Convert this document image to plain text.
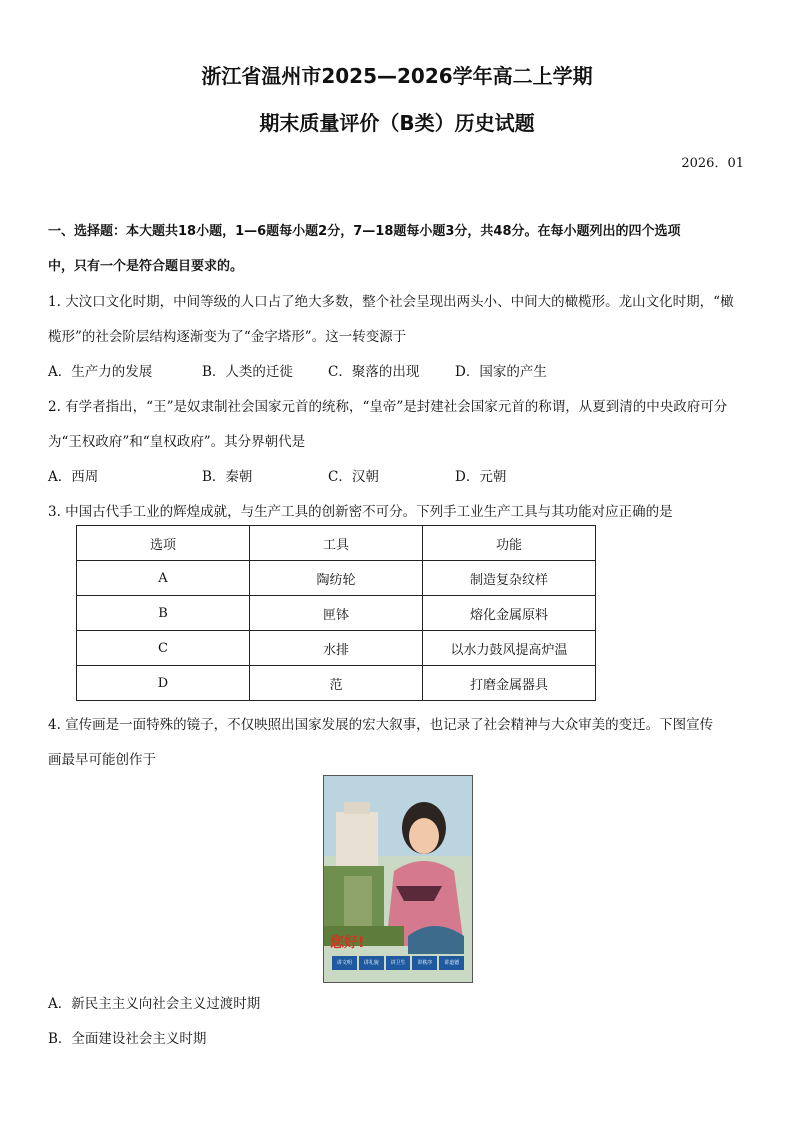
浙江省温州市2025—2026学年高二上学期
期末质量评价（B类）历史试题
2026．01
一、选择题：本大题共18小题，1—6题每小题2分，7—18题每小题3分，共48分。在每小题列出的四个选项
中，只有一个是符合题目要求的。
1. 大汶口文化时期，中间等级的人口占了绝大多数，整个社会呈现出两头小、中间大的橄榄形。龙山文化时期，“橄
榄形”的社会阶层结构逐渐变为了“金字塔形”。这一转变源于
A．生产力的发展	B．人类的迁徙	C．聚落的出现	D．国家的产生
2. 有学者指出，“王”是奴隶制社会国家元首的统称，“皇帝”是封建社会国家元首的称谓，从夏到清的中央政府可分
为“王权政府”和“皇权政府”。其分界朝代是
A．西周	B．秦朝	C．汉朝	D．元朝
3. 中国古代手工业的辉煌成就，与生产工具的创新密不可分。下列手工业生产工具与其功能对应正确的是
选项	工具	功能
A	陶纺轮	制造复杂纹样
B	匣钵	熔化金属原料
C	水排	以水力鼓风提高炉温
D	范	打磨金属器具
4. 宣传画是一面特殊的镜子，不仅映照出国家发展的宏大叙事，也记录了社会精神与大众审美的变迁。下图宣传
画最早可能创作于
您好!
讲文明	讲礼貌	讲卫生	讲秩序	讲道德
A．新民主主义向社会主义过渡时期
B．全面建设社会主义时期
